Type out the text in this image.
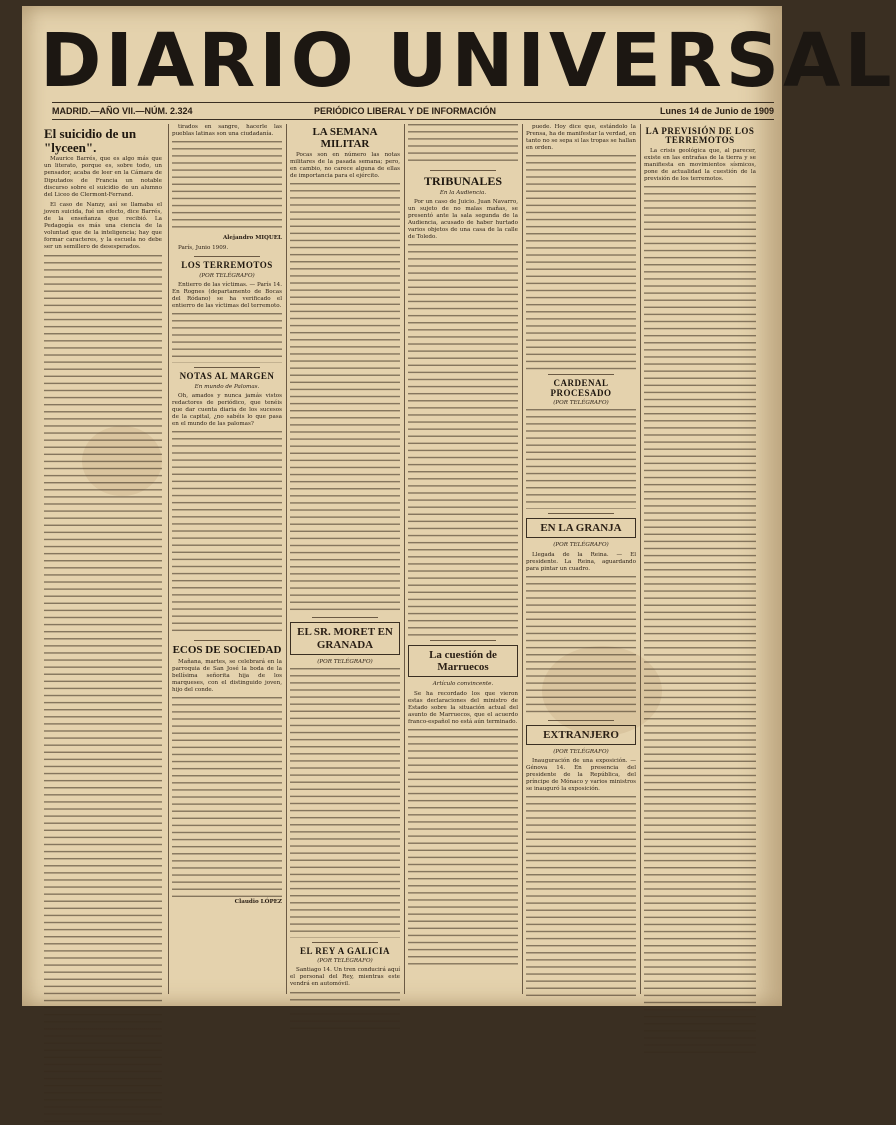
DIARIO UNIVERSAL
MADRID.—AÑO VII.—NÚM. 2.324	PERIÓDICO LIBERAL Y DE INFORMACIÓN	Lunes 14 de Junio de 1909
El suicidio de un "lyceen".

Maurice Barrés, que es algo más que un literato, porque es, sobre todo, un pensador, acaba de leer en la Cámara de Diputados de Francia un notable discurso sobre el suicidio de un alumno del Liceo de Clermont-Ferrand.

El caso de Nanzy, así se llamaba el joven suicida, fué un efecto, dice Barrés, de la enseñanza que recibió. La Pedagogía es más una ciencia de la voluntad que de la inteligencia; hay que formar caracteres, y la escuela no debe ser un semillero de desesperados.

tirados en sangre, hacerle las pueblas latinas son una ciudadanía.

Alejandro MIQUEL

París, Junio 1909.

LOS TERREMOTOS
(POR TELÉGRAFO)

Entierro de las víctimas. — París 14. En Rognes (departamento de Bocas del Ródano) se ha verificado el entierro de las víctimas del terremoto.

NOTAS AL MARGEN
En mundo de Palomas.

Oh, amados y nunca jamás vistos redactores de periódico, que tenéis que dar cuenta diaria de los sucesos de la capital, ¿no sabéis lo que pasa en el mundo de las palomas?

ECOS DE SOCIEDAD

Mañana, martes, se celebrará en la parroquia de San José la boda de la bellísima señorita hija de los marqueses, con el distinguido joven, hijo del conde.

Claudio LÓPEZ
LA SEMANA MILITAR

Pocas son en número las notas militares de la pasada semana; pero, en cambio, no carece alguna de ellas de importancia para el ejército.

EL SR. MORET EN GRANADA
(POR TELÉGRAFO)
EL REY A GALICIA
(POR TELÉGRAFO)

Santiago 14. Un tren conducirá aquí el personal del Rey, mientras este vendrá en automóvil.

TRIBUNALES
En la Audiencia.

Por un caso de Juicio. Juan Navarro, un sujeto de no malas mañas, se presentó ante la sala segunda de la Audiencia, acusado de haber hurtado varios objetos de una casa de la calle de Toledo.

La cuestión de Marruecos
Artículo convincente.

Se ha recordado los que vieron estas declaraciones del ministro de Estado sobre la situación actual del asunto de Marruecos, que el acuerdo franco-español no está aún terminado.

puede. Hoy dice que, estándolo la Prensa, ha de manifestar la verdad, en tanto no se sepa si las tropas se hallan en orden.

CARDENAL PROCESADO
(POR TELÉGRAFO)
EN LA GRANJA
(POR TELÉGRAFO)

Llegada de la Reina. — El presidente. La Reina, aguardando para pintar un cuadro.

EXTRANJERO
(POR TELÉGRAFO)

Inauguración de una exposición. — Génova 14. En presencia del presidente de la República, del príncipe de Mónaco y varios ministros se inauguró la exposición.

LA PREVISIÓN DE LOS TERREMOTOS

La crisis geológica que, al parecer, existe en las entrañas de la tierra y se manifiesta en movimientos sísmicos, pone de actualidad la cuestión de la previsión de los terremotos.
